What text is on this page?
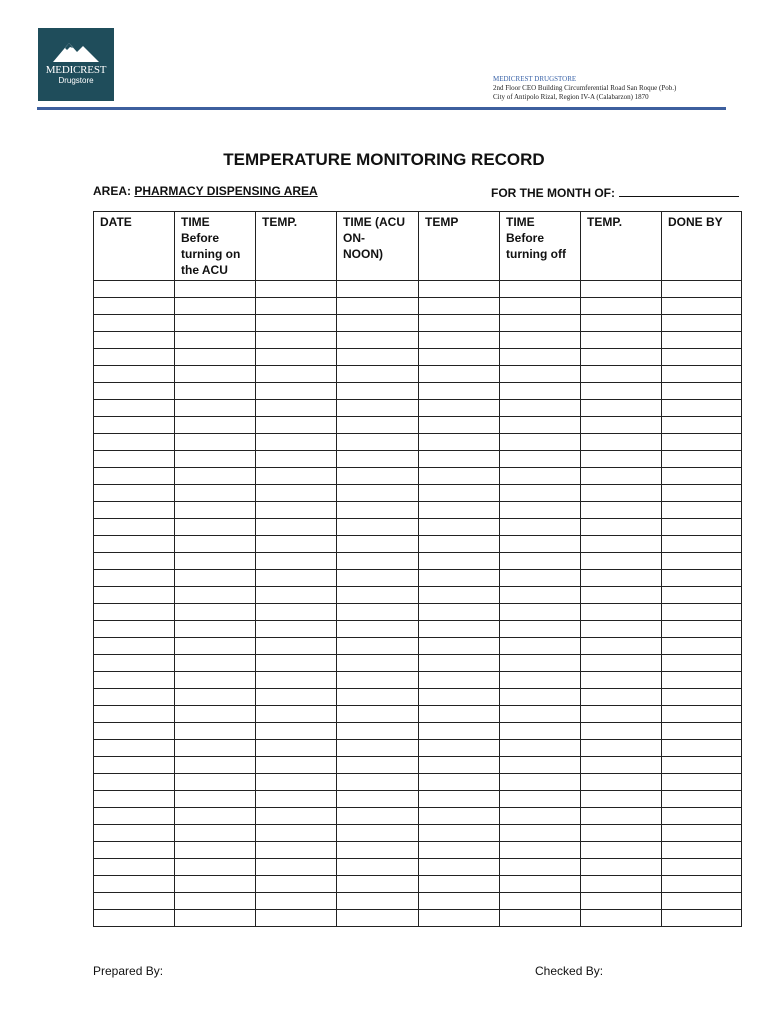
MEDICREST
Drugstore	MEDICREST DRUGSTORE
2nd Floor CEO Building Circumferential Road San Roque (Pob.)
City of Antipolo Rizal, Region IV-A (Calabarzon) 1870
TEMPERATURE MONITORING RECORD
AREA: PHARMACY DISPENSING AREA	FOR THE MONTH OF:
DATE	TIME
Before
turning on
the ACU	TEMP.	TIME (ACU
ON-
NOON)	TEMP	TIME
Before
turning off	TEMP.	DONE BY

Prepared By:	Checked By:
